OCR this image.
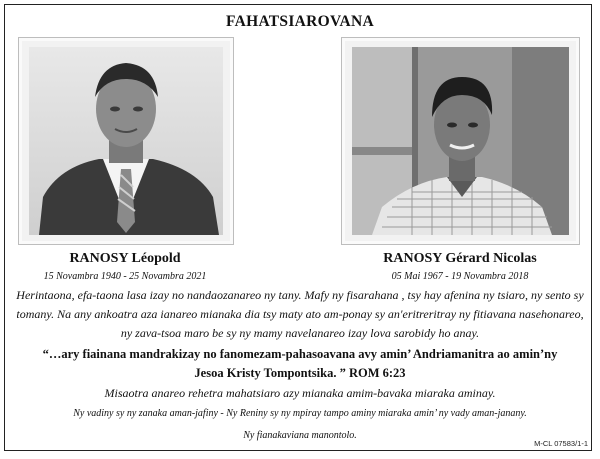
FAHATSIAROVANA
RANOSY Léopold
15 Novambra 1940 - 25 Novambra 2021
RANOSY Gérard Nicolas
05 Mai 1967 - 19 Novambra 2018
Herintaona, efa-taona lasa izay no nandaozanareo ny tany. Mafy ny fisarahana , tsy hay afenina ny tsiaro, ny sento sy tomany. Na any ankoatra aza ianareo mianaka dia tsy maty ato am-ponay sy an'eritreritray ny fitiavana nasehonareo, ny zava-tsoa maro be sy ny mamy navelanareo izay lova sarobidy ho anay.
“…ary fiainana mandrakizay no fanomezam-pahasoavana avy amin’ Andriamanitra ao amin’ny Jesoa Kristy Tompontsika. ” ROM 6:23
Misaotra anareo rehetra mahatsiaro azy mianaka amim-bavaka miaraka aminay.
Ny vadiny sy ny zanaka aman-jafiny - Ny Reniny sy ny mpiray tampo aminy miaraka amin’ ny vady aman-janany.
Ny fianakaviana manontolo.
M-CL 07583/1-1
